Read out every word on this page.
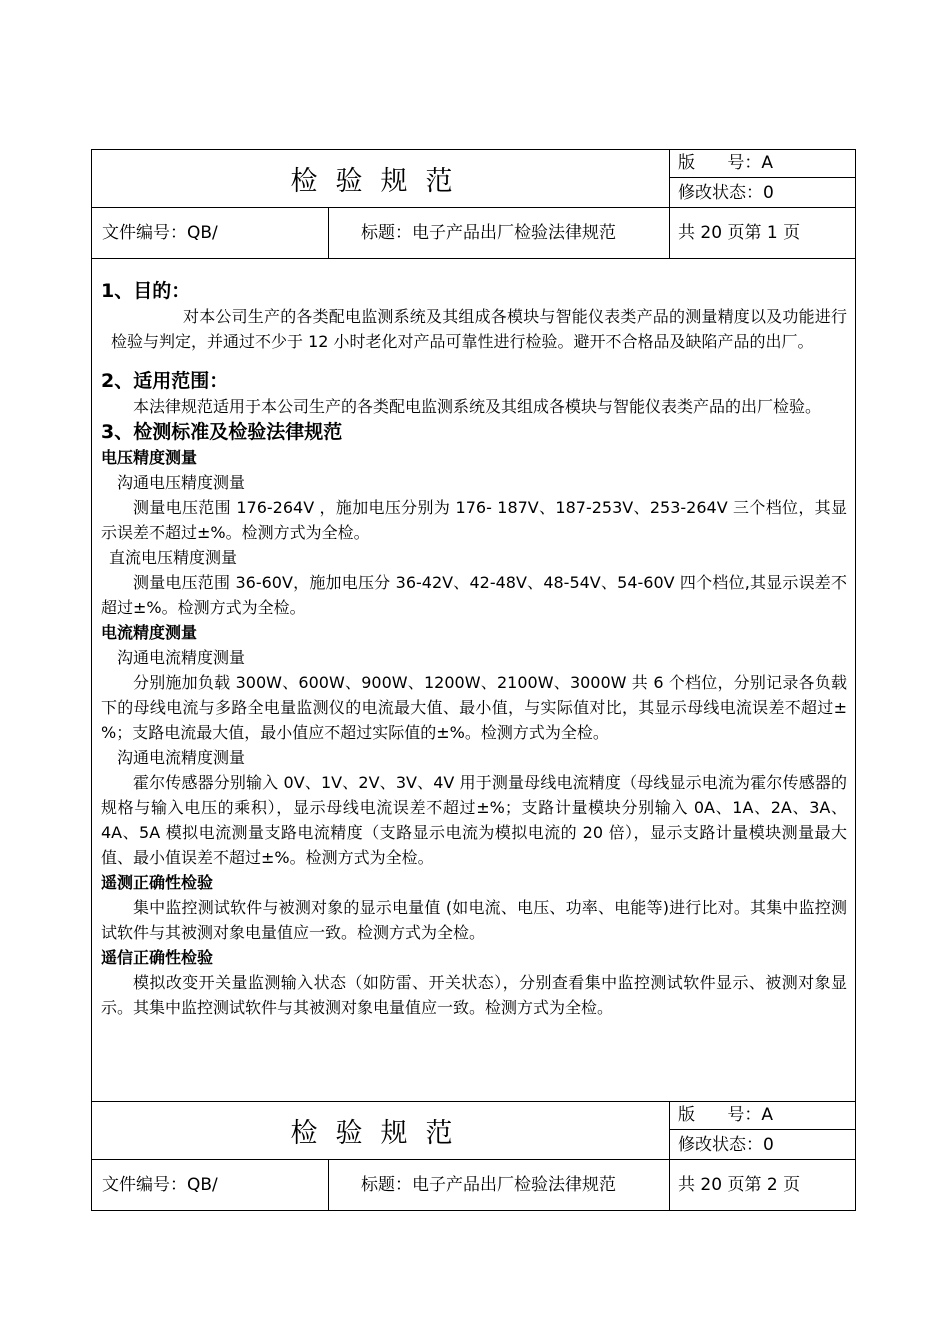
检验规范
版      号：A
修改状态：0
文件编号：QB/	标题：电子产品出厂检验法律规范	共 20 页第 1 页

1、目的：

对本公司生产的各类配电监测系统及其组成各模块与智能仪表类产品的测量精度以及功能进行检验与判定，并通过不少于 12 小时老化对产品可靠性进行检验。避开不合格品及缺陷产品的出厂。

2、适用范围：

本法律规范适用于本公司生产的各类配电监测系统及其组成各模块与智能仪表类产品的出厂检验。

3、检测标准及检验法律规范

电压精度测量

沟通电压精度测量

测量电压范围 176-264V ，施加电压分别为 176- 187V、187-253V、253-264V 三个档位，其显示误差不超过±%。检测方式为全检。

直流电压精度测量

测量电压范围 36-60V，施加电压分 36-42V、42-48V、48-54V、54-60V 四个档位,其显示误差不超过±%。检测方式为全检。

电流精度测量

沟通电流精度测量

分别施加负载 300W、600W、900W、1200W、2100W、3000W 共 6 个档位，分别记录各负载下的母线电流与多路全电量监测仪的电流最大值、最小值，与实际值对比，其显示母线电流误差不超过±%；支路电流最大值，最小值应不超过实际值的±%。检测方式为全检。

沟通电流精度测量

霍尔传感器分别输入 0V、1V、2V、3V、4V 用于测量母线电流精度（母线显示电流为霍尔传感器的规格与输入电压的乘积），显示母线电流误差不超过±%；支路计量模块分别输入 0A、1A、2A、3A、4A、5A 模拟电流测量支路电流精度（支路显示电流为模拟电流的 20 倍），显示支路计量模块测量最大值、最小值误差不超过±%。检测方式为全检。

遥测正确性检验

集中监控测试软件与被测对象的显示电量值 (如电流、电压、功率、电能等)进行比对。其集中监控测试软件与其被测对象电量值应一致。检测方式为全检。

遥信正确性检验

模拟改变开关量监测输入状态（如防雷、开关状态），分别查看集中监控测试软件显示、被测对象显示。其集中监控测试软件与其被测对象电量值应一致。检测方式为全检。

检验规范
版      号：A
修改状态：0
文件编号：QB/	标题：电子产品出厂检验法律规范	共 20 页第 2 页
